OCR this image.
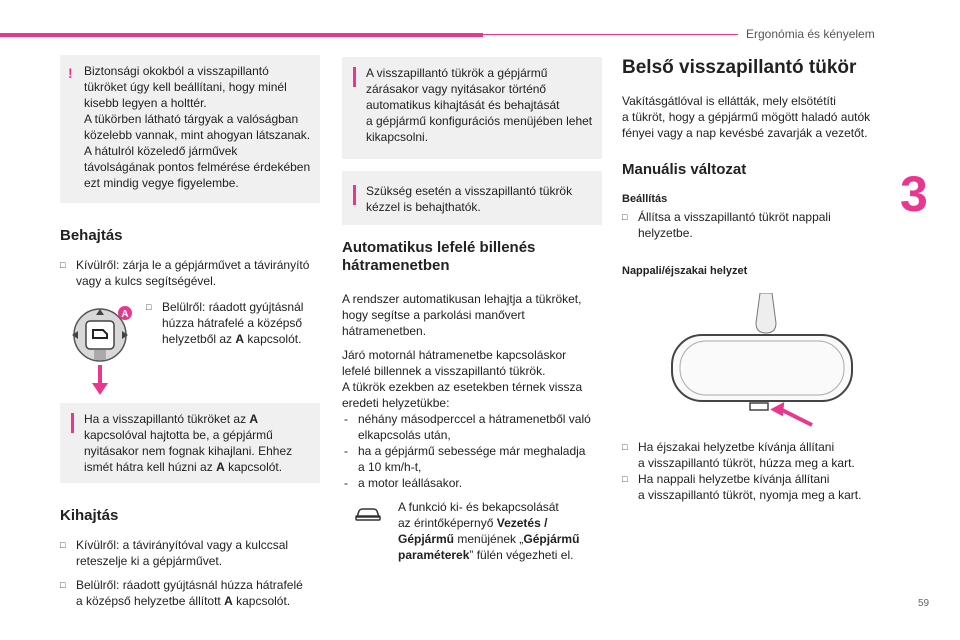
Ergonómia és kényelem
3
59
! Biztonsági okokból a visszapillantó

tükröket úgy kell beállítani, hogy minél

kisebb legyen a holttér.

A tükörben látható tárgyak a valóságban

közelebb vannak, mint ahogyan látszanak.

A hátulról közeledő járművek

távolságának pontos felmérése érdekében

ezt mindig vegye figyelembe.

Behajtás
□ Kívülről: zárja le a gépjárművet a távirányító
vagy a kulcs segítségével.
A
□ Belülről: ráadott gyújtásnál
húzza hátrafelé a középső
helyzetből az A kapcsolót.

Ha a visszapillantó tükröket az A

kapcsolóval hajtotta be, a gépjármű

nyitásakor nem fognak kihajlani. Ehhez

ismét hátra kell húzni az A kapcsolót.

Kihajtás
□ Kívülről: a távirányítóval vagy a kulccsal
reteszelje ki a gépjárművet.
□ Belülről: ráadott gyújtásnál húzza hátrafelé
a középső helyzetbe állított A kapcsolót.

A visszapillantó tükrök a gépjármű

zárásakor vagy nyitásakor történő

automatikus kihajtását és behajtását

a gépjármű konfigurációs menüjében lehet

kikapcsolni.

Szükség esetén a visszapillantó tükrök

kézzel is behajthatók.

Automatikus lefelé billenés
hátramenetben

A rendszer automatikusan lehajtja a tükröket,

hogy segítse a parkolási manővert

hátramenetben.

Járó motornál hátramenetbe kapcsoláskor

lefelé billennek a visszapillantó tükrök.

A tükrök ezekben az esetekben térnek vissza

eredeti helyzetükbe:

- néhány másodperccel a hátramenetből való
elkapcsolás után,
- ha a gépjármű sebessége már meghaladja
a 10 km/h-t,
- a motor leállásakor.

A funkció ki- és bekapcsolását

az érintőképernyő Vezetés /

Gépjármű menüjének „Gépjármű

paraméterek” fülén végezheti el.

Belső visszapillantó tükör

Vakításgátlóval is ellátták, mely elsötétíti

a tükröt, hogy a gépjármű mögött haladó autók

fényei vagy a nap kevésbé zavarják a vezetőt.

Manuális változat
Beállítás
□ Állítsa a visszapillantó tükröt nappali
helyzetbe.
Nappali/éjszakai helyzet
□ Ha éjszakai helyzetbe kívánja állítani
a visszapillantó tükröt, húzza meg a kart.
□ Ha nappali helyzetbe kívánja állítani
a visszapillantó tükröt, nyomja meg a kart.
